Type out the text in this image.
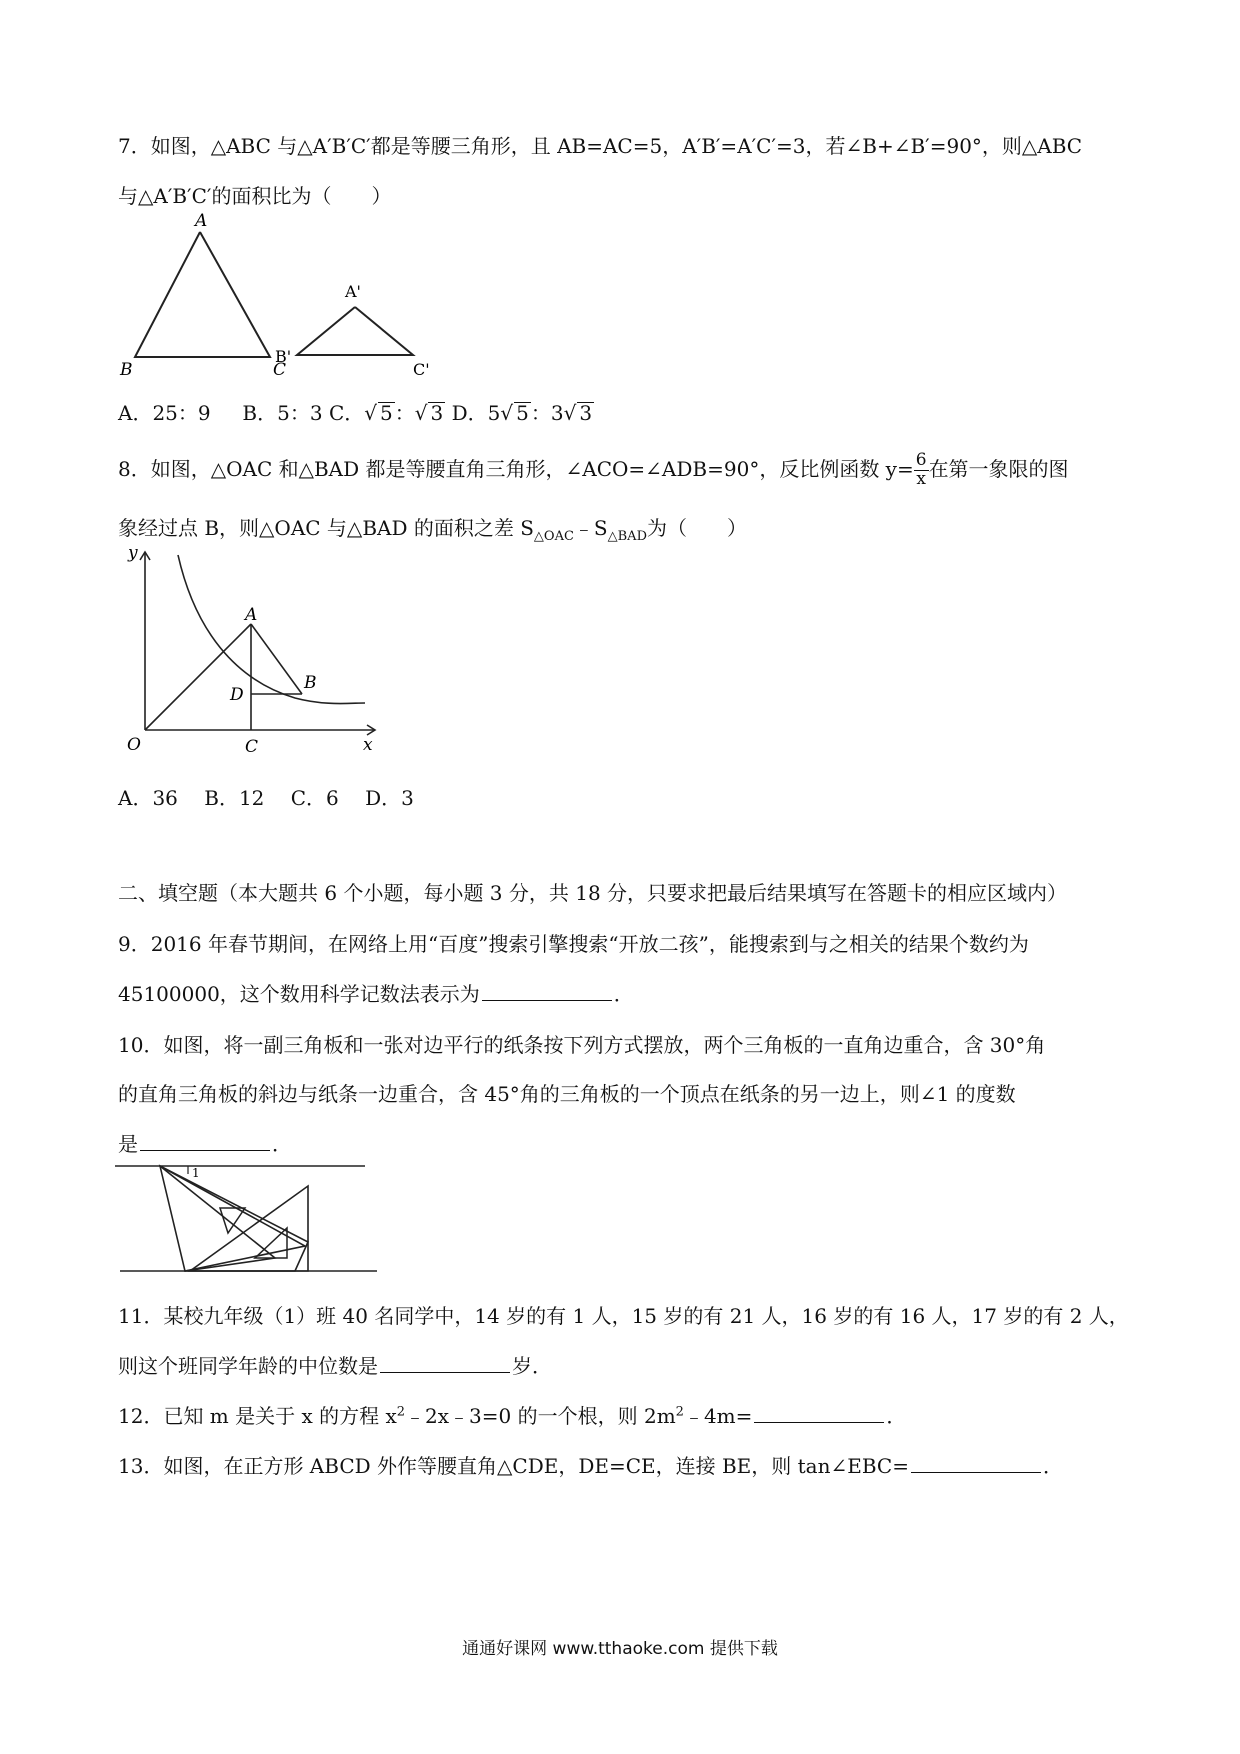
7．如图，△ABC 与△A′B′C′都是等腰三角形，且 AB=AC=5，A′B′=A′C′=3，若∠B+∠B′=90°，则△ABC
与△A′B′C′的面积比为（　　）
A
B	C
A'
B'
C'
A．25：9 B．5：3 C．√ 5 ：√ 3 D．5√ 5 ：3√ 3
8．如图，△OAC 和△BAD 都是等腰直角三角形，∠ACO=∠ADB=90°，反比例函数 $y= \frac{6}{x}$ 在第一象限的图
象经过点 B，则△OAC 与△BAD 的面积之差 $S_{\triangle OAC}﹣S_{\triangle BAD}$为（　　）
y
x
O
A
B
C
D
A．36　 B．12　 C．6　 D．3
二、填空题（本大题共 6 个小题，每小题 3 分，共 18 分，只要求把最后结果填写在答题卡的相应区域内）
9．2016 年春节期间，在网络上用“百度”搜索引擎搜索“开放二孩”，能搜索到与之相关的结果个数约为
45100000，这个数用科学记数法表示为	．
10．如图，将一副三角板和一张对边平行的纸条按下列方式摆放，两个三角板的一直角边重合，含 30°角
的直角三角板的斜边与纸条一边重合，含 45°角的三角板的一个顶点在纸条的另一边上，则∠1 的度数
是	．
1
11．某校九年级（1）班 40 名同学中，14 岁的有 1 人，15 岁的有 21 人，16 岁的有 16 人，17 岁的有 2 人，
则这个班同学年龄的中位数是	岁．
12．已知 m 是关于 x 的方程 $x^2﹣2x﹣3=0$ 的一个根，则 $2m^2﹣4m=$	．
13．如图，在正方形 ABCD 外作等腰直角△CDE，DE=CE，连接 BE，则 tan∠EBC=	．
通通好课网 www.tthaoke.com 提供下载
